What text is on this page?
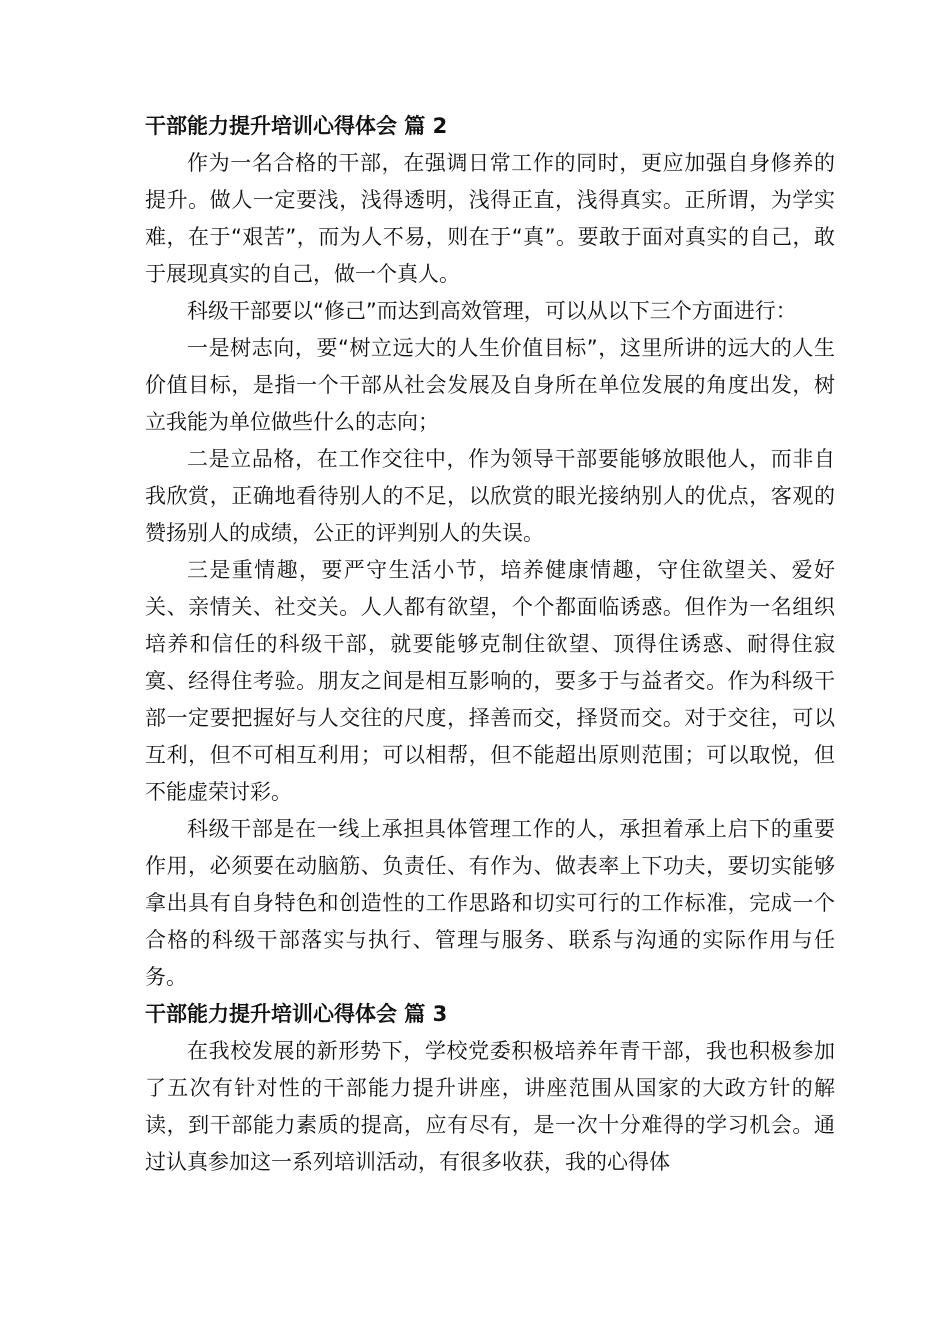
干部能力提升培训心得体会 篇 2

作为一名合格的干部，在强调日常工作的同时，更应加强自身修养的提升。做人一定要浅，浅得透明，浅得正直，浅得真实。正所谓，为学实难，在于“艰苦”，而为人不易，则在于“真”。要敢于面对真实的自己，敢于展现真实的自己，做一个真人。

科级干部要以“修己”而达到高效管理，可以从以下三个方面进行：

一是树志向，要“树立远大的人生价值目标”，这里所讲的远大的人生价值目标，是指一个干部从社会发展及自身所在单位发展的角度出发，树立我能为单位做些什么的志向；

二是立品格，在工作交往中，作为领导干部要能够放眼他人，而非自我欣赏，正确地看待别人的不足，以欣赏的眼光接纳别人的优点，客观的赞扬别人的成绩，公正的评判别人的失误。

三是重情趣，要严守生活小节，培养健康情趣，守住欲望关、爱好关、亲情关、社交关。人人都有欲望，个个都面临诱惑。但作为一名组织培养和信任的科级干部，就要能够克制住欲望、顶得住诱惑、耐得住寂寞、经得住考验。朋友之间是相互影响的，要多于与益者交。作为科级干部一定要把握好与人交往的尺度，择善而交，择贤而交。对于交往，可以互利，但不可相互利用；可以相帮，但不能超出原则范围；可以取悦，但不能虚荣讨彩。

科级干部是在一线上承担具体管理工作的人，承担着承上启下的重要作用，必须要在动脑筋、负责任、有作为、做表率上下功夫，要切实能够拿出具有自身特色和创造性的工作思路和切实可行的工作标准，完成一个合格的科级干部落实与执行、管理与服务、联系与沟通的实际作用与任务。

干部能力提升培训心得体会 篇 3

在我校发展的新形势下，学校党委积极培养年青干部，我也积极参加了五次有针对性的干部能力提升讲座，讲座范围从国家的大政方针的解读，到干部能力素质的提高，应有尽有，是一次十分难得的学习机会。通过认真参加这一系列培训活动，有很多收获，我的心得体
